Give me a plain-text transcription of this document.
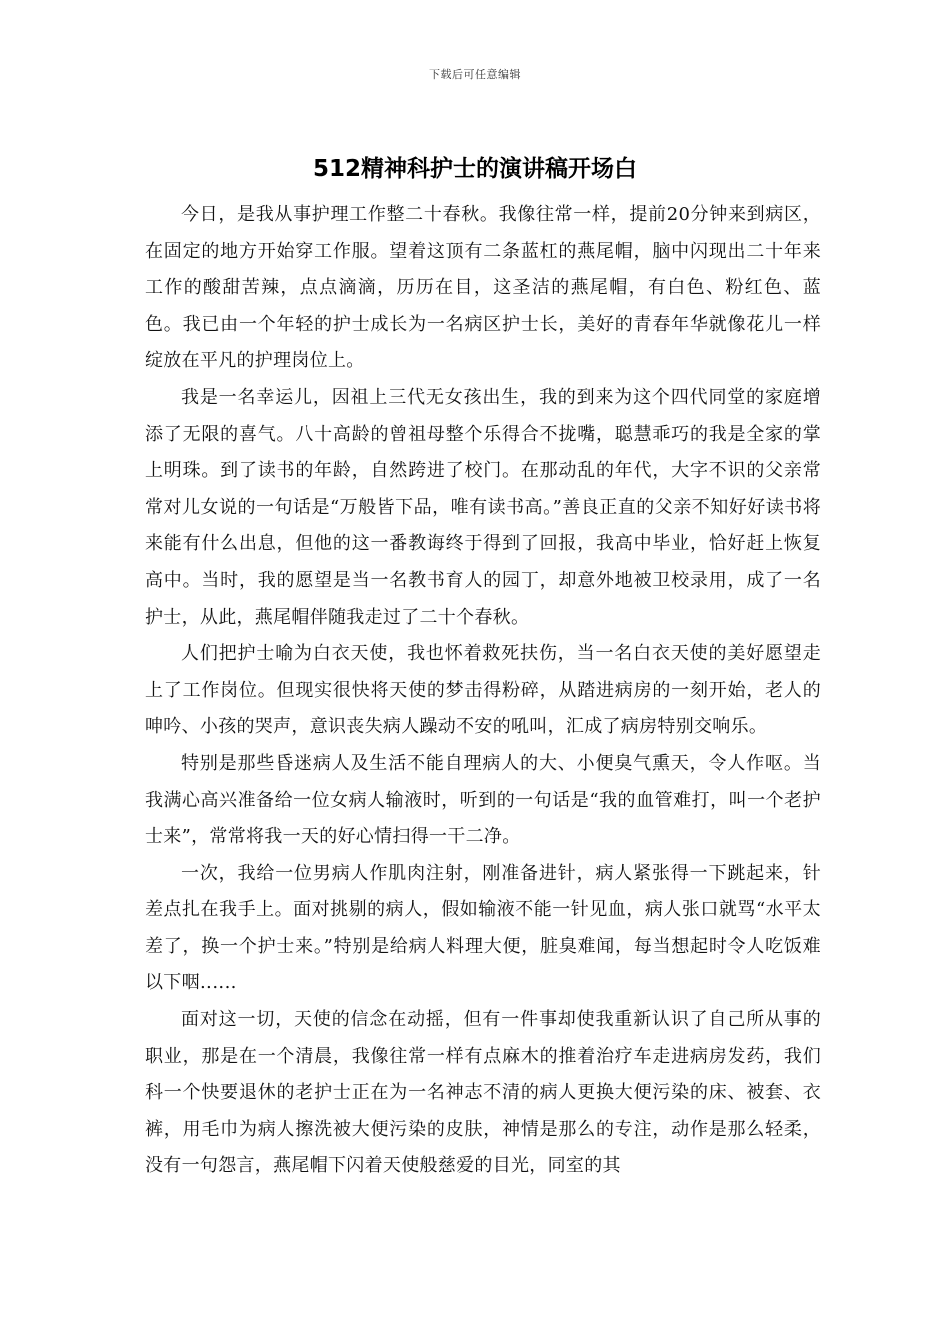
下载后可任意编辑
512精神科护士的演讲稿开场白

今日，是我从事护理工作整二十春秋。我像往常一样，提前20分钟来到病区，在固定的地方开始穿工作服。望着这顶有二条蓝杠的燕尾帽，脑中闪现出二十年来工作的酸甜苦辣，点点滴滴，历历在目，这圣洁的燕尾帽，有白色、粉红色、蓝色。我已由一个年轻的护士成长为一名病区护士长，美好的青春年华就像花儿一样绽放在平凡的护理岗位上。

我是一名幸运儿，因祖上三代无女孩出生，我的到来为这个四代同堂的家庭增添了无限的喜气。八十高龄的曾祖母整个乐得合不拢嘴，聪慧乖巧的我是全家的掌上明珠。到了读书的年龄，自然跨进了校门。在那动乱的年代，大字不识的父亲常常对儿女说的一句话是“万般皆下品，唯有读书高。”善良正直的父亲不知好好读书将来能有什么出息，但他的这一番教诲终于得到了回报，我高中毕业，恰好赶上恢复高中。当时，我的愿望是当一名教书育人的园丁，却意外地被卫校录用，成了一名护士，从此，燕尾帽伴随我走过了二十个春秋。

人们把护士喻为白衣天使，我也怀着救死扶伤，当一名白衣天使的美好愿望走上了工作岗位。但现实很快将天使的梦击得粉碎，从踏进病房的一刻开始，老人的呻吟、小孩的哭声，意识丧失病人躁动不安的吼叫，汇成了病房特别交响乐。

特别是那些昏迷病人及生活不能自理病人的大、小便臭气熏天，令人作呕。当我满心高兴准备给一位女病人输液时，听到的一句话是“我的血管难打，叫一个老护士来”，常常将我一天的好心情扫得一干二净。

一次，我给一位男病人作肌肉注射，刚准备进针，病人紧张得一下跳起来，针差点扎在我手上。面对挑剔的病人，假如输液不能一针见血，病人张口就骂“水平太差了，换一个护士来。”特别是给病人料理大便，脏臭难闻，每当想起时令人吃饭难以下咽‥‥‥

面对这一切，天使的信念在动摇，但有一件事却使我重新认识了自己所从事的职业，那是在一个清晨，我像往常一样有点麻木的推着治疗车走进病房发药，我们科一个快要退休的老护士正在为一名神志不清的病人更换大便污染的床、被套、衣裤，用毛巾为病人擦洗被大便污染的皮肤，神情是那么的专注，动作是那么轻柔，没有一句怨言，燕尾帽下闪着天使般慈爱的目光，同室的其
